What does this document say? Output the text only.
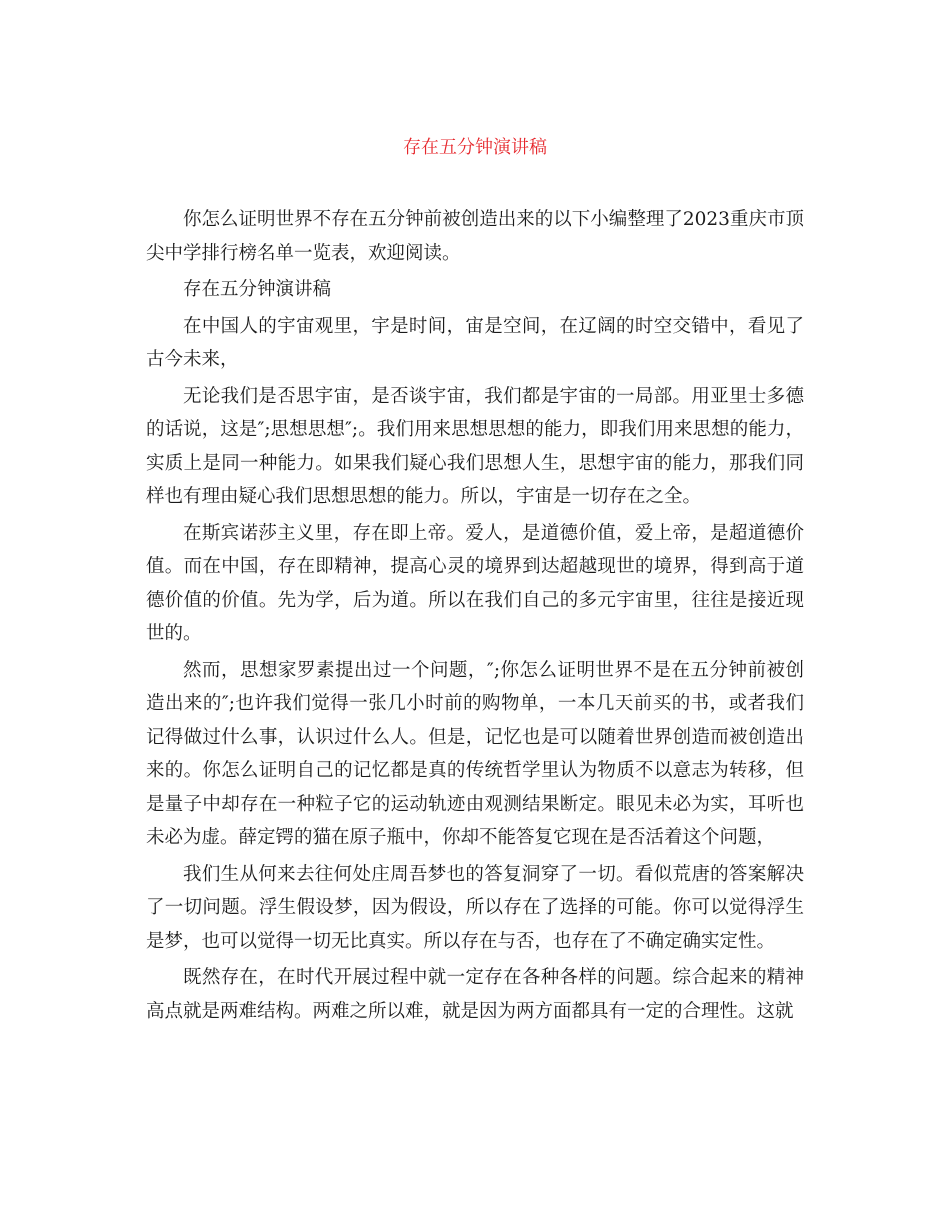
存在五分钟演讲稿

你怎么证明世界不存在五分钟前被创造出来的以下小编整理了2023重庆市顶尖中学排行榜名单一览表，欢迎阅读。

存在五分钟演讲稿

在中国人的宇宙观里，宇是时间，宙是空间，在辽阔的时空交错中，看见了古今未来，

无论我们是否思宇宙，是否谈宇宙，我们都是宇宙的一局部。用亚里士多德的话说，这是″;思想思想″;。我们用来思想思想的能力，即我们用来思想的能力，实质上是同一种能力。如果我们疑心我们思想人生，思想宇宙的能力，那我们同样也有理由疑心我们思想思想的能力。所以，宇宙是一切存在之全。

在斯宾诺莎主义里，存在即上帝。爱人，是道德价值，爱上帝，是超道德价值。而在中国，存在即精神，提高心灵的境界到达超越现世的境界，得到高于道德价值的价值。先为学，后为道。所以在我们自己的多元宇宙里，往往是接近现世的。

然而，思想家罗素提出过一个问题，″;你怎么证明世界不是在五分钟前被创造出来的″;也许我们觉得一张几小时前的购物单，一本几天前买的书，或者我们记得做过什么事，认识过什么人。但是，记忆也是可以随着世界创造而被创造出来的。你怎么证明自己的记忆都是真的传统哲学里认为物质不以意志为转移，但是量子中却存在一种粒子它的运动轨迹由观测结果断定。眼见未必为实，耳听也未必为虚。薛定锷的猫在原子瓶中，你却不能答复它现在是否活着这个问题，

我们生从何来去往何处庄周吾梦也的答复洞穿了一切。看似荒唐的答案解决了一切问题。浮生假设梦，因为假设，所以存在了选择的可能。你可以觉得浮生是梦，也可以觉得一切无比真实。所以存在与否，也存在了不确定确实定性。

既然存在，在时代开展过程中就一定存在各种各样的问题。综合起来的精神高点就是两难结构。两难之所以难，就是因为两方面都具有一定的合理性。这就
